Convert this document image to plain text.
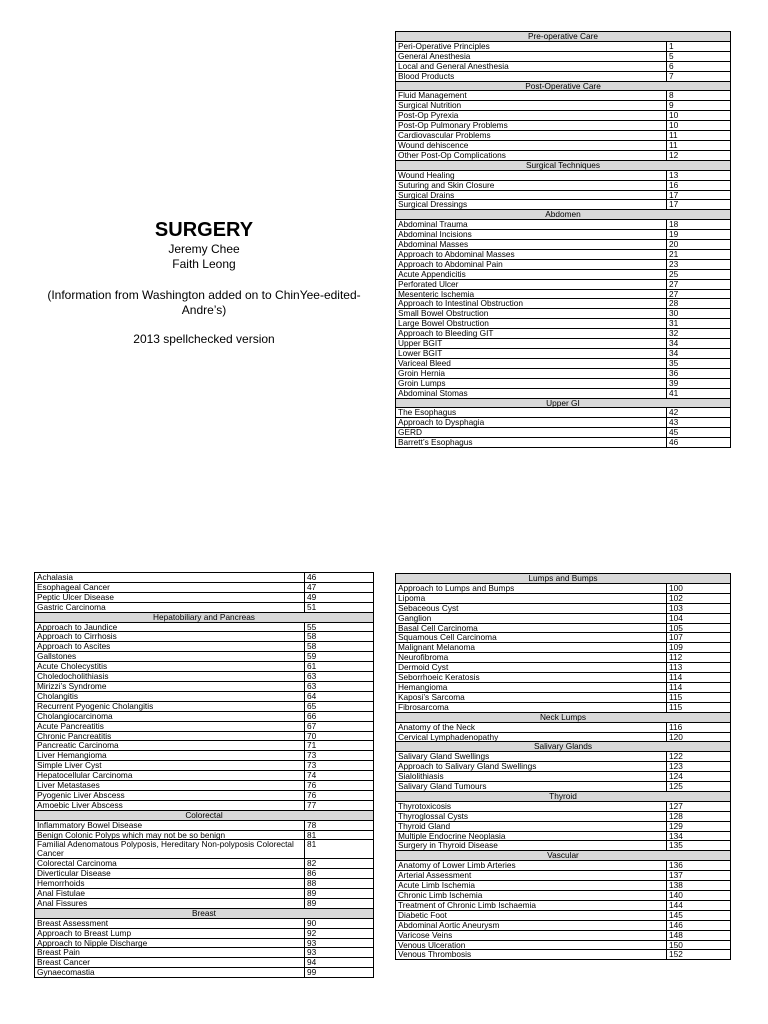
SURGERY

Jeremy Chee

Faith Leong

(Information from Washington added on to ChinYee-edited-Andre’s)

2013 spellchecked version

Pre-operative Care	
Peri-Operative Principles	1
General Anesthesia	5
Local and General Anesthesia	6
Blood Products	7
Post-Operative Care	
Fluid Management	8
Surgical Nutrition	9
Post-Op Pyrexia	10
Post-Op Pulmonary Problems	10
Cardiovascular Problems	11
Wound dehiscence	11
Other Post-Op Complications	12
Surgical Techniques	
Wound Healing	13
Suturing and Skin Closure	16
Surgical Drains	17
Surgical Dressings	17
Abdomen	
Abdominal Trauma	18
Abdominal Incisions	19
Abdominal Masses	20
Approach to Abdominal Masses	21
Approach to Abdominal Pain	23
Acute Appendicitis	25
Perforated Ulcer	27
Mesenteric Ischemia	27
Approach to Intestinal Obstruction	28
Small Bowel Obstruction	30
Large Bowel Obstruction	31
Approach to Bleeding GIT	32
Upper BGIT	34
Lower BGIT	34
Variceal Bleed	35
Groin Hernia	36
Groin Lumps	39
Abdominal Stomas	41
Upper GI	
The Esophagus	42
Approach to Dysphagia	43
GERD	45
Barrett’s Esophagus	46
Achalasia	46
Esophageal Cancer	47
Peptic Ulcer Disease	49
Gastric Carcinoma	51
Hepatobiliary and Pancreas	
Approach to Jaundice	55
Approach to Cirrhosis	58
Approach to Ascites	58
Gallstones	59
Acute Cholecystitis	61
Choledocholithiasis	63
Mirizzi’s Syndrome	63
Cholangitis	64
Recurrent Pyogenic Cholangitis	65
Cholangiocarcinoma	66
Acute Pancreatitis	67
Chronic Pancreatitis	70
Pancreatic Carcinoma	71
Liver Hemangioma	73
Simple Liver Cyst	73
Hepatocellular Carcinoma	74
Liver Metastases	76
Pyogenic Liver Abscess	76
Amoebic Liver Abscess	77
Colorectal	
Inflammatory Bowel Disease	78
Benign Colonic Polyps which may not be so benign	81
Familial Adenomatous Polyposis, Hereditary Non-polyposis Colorectal Cancer	81
Colorectal Carcinoma	82
Diverticular Disease	86
Hemorrhoids	88
Anal Fistulae	89
Anal Fissures	89
Breast	
Breast Assessment	90
Approach to Breast Lump	92
Approach to Nipple Discharge	93
Breast Pain	93
Breast Cancer	94
Gynaecomastia	99
Lumps and Bumps	
Approach to Lumps and Bumps	100
Lipoma	102
Sebaceous Cyst	103
Ganglion	104
Basal Cell Carcinoma	105
Squamous Cell Carcinoma	107
Malignant Melanoma	109
Neurofibroma	112
Dermoid Cyst	113
Seborrhoeic Keratosis	114
Hemangioma	114
Kaposi’s Sarcoma	115
Fibrosarcoma	115
Neck Lumps	
Anatomy of the Neck	116
Cervical Lymphadenopathy	120
Salivary Glands	
Salivary Gland Swellings	122
Approach to Salivary Gland Swellings	123
Sialolithiasis	124
Salivary Gland Tumours	125
Thyroid	
Thyrotoxicosis	127
Thyroglossal Cysts	128
Thyroid Gland	129
Multiple Endocrine Neoplasia	134
Surgery in Thyroid Disease	135
Vascular	
Anatomy of Lower Limb Arteries	136
Arterial Assessment	137
Acute Limb Ischemia	138
Chronic Limb Ischemia	140
Treatment of Chronic Limb Ischaemia	144
Diabetic Foot	145
Abdominal Aortic Aneurysm	146
Varicose Veins	148
Venous Ulceration	150
Venous Thrombosis	152
